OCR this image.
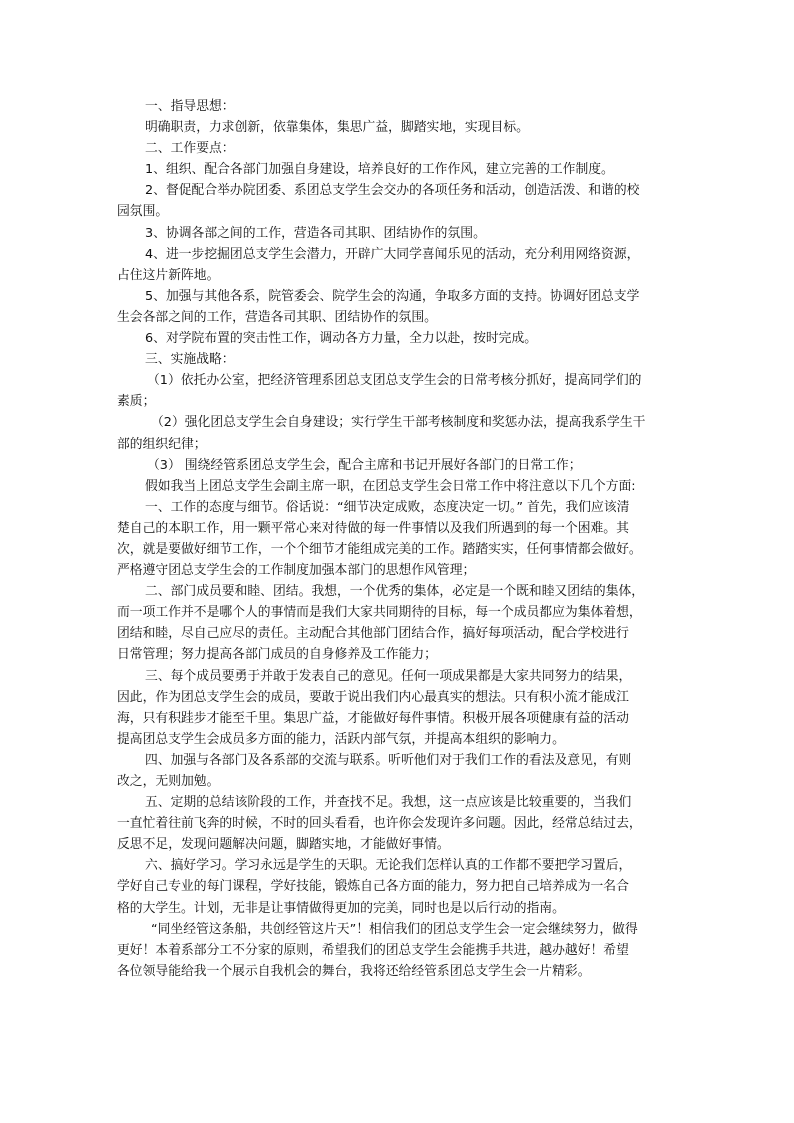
一、指导思想：

明确职责，力求创新，依靠集体，集思广益，脚踏实地，实现目标。

二、工作要点：

1、组织、配合各部门加强自身建设，培养良好的工作作风，建立完善的工作制度。

2、督促配合举办院团委、系团总支学生会交办的各项任务和活动，创造活泼、和谐的校

园氛围。

3、协调各部之间的工作，营造各司其职、团结协作的氛围。

4、进一步挖掘团总支学生会潜力，开辟广大同学喜闻乐见的活动，充分利用网络资源，

占住这片新阵地。

5、加强与其他各系，院管委会、院学生会的沟通，争取多方面的支持。协调好团总支学

生会各部之间的工作，营造各司其职、团结协作的氛围。

6、对学院布置的突击性工作，调动各方力量，全力以赴，按时完成。

三、实施战略：

（1）依托办公室，把经济管理系团总支团总支学生会的日常考核分抓好，提高同学们的

素质；

（2）强化团总支学生会自身建设；实行学生干部考核制度和奖惩办法，提高我系学生干

部的组织纪律；

（3） 围绕经管系团总支学生会，配合主席和书记开展好各部门的日常工作；

假如我当上团总支学生会副主席一职，在团总支学生会日常工作中将注意以下几个方面:

一、工作的态度与细节。俗话说：“细节决定成败，态度决定一切。” 首先，我们应该清

楚自己的本职工作，用一颗平常心来对待做的每一件事情以及我们所遇到的每一个困难。其

次，就是要做好细节工作，一个个细节才能组成完美的工作。踏踏实实，任何事情都会做好。

严格遵守团总支学生会的工作制度加强本部门的思想作风管理；

二、部门成员要和睦、团结。我想，一个优秀的集体，必定是一个既和睦又团结的集体，

而一项工作并不是哪个人的事情而是我们大家共同期待的目标，每一个成员都应为集体着想，

团结和睦，尽自己应尽的责任。主动配合其他部门团结合作，搞好每项活动，配合学校进行

日常管理；努力提高各部门成员的自身修养及工作能力；

三、每个成员要勇于并敢于发表自己的意见。任何一项成果都是大家共同努力的结果，

因此，作为团总支学生会的成员，要敢于说出我们内心最真实的想法。只有积小流才能成江

海，只有积跬步才能至千里。集思广益，才能做好每件事情。积极开展各项健康有益的活动

提高团总支学生会成员多方面的能力，活跃内部气氛，并提高本组织的影响力。

四、加强与各部门及各系部的交流与联系。听听他们对于我们工作的看法及意见，有则

改之，无则加勉。

五、定期的总结该阶段的工作，并查找不足。我想，这一点应该是比较重要的，当我们

一直忙着往前飞奔的时候，不时的回头看看，也许你会发现许多问题。因此，经常总结过去，

反思不足，发现问题解决问题，脚踏实地，才能做好事情。

六、搞好学习。学习永远是学生的天职。无论我们怎样认真的工作都不要把学习置后，

学好自己专业的每门课程，学好技能，锻炼自己各方面的能力，努力把自己培养成为一名合

格的大学生。计划，无非是让事情做得更加的完美，同时也是以后行动的指南。

“同坐经管这条船，共创经管这片天”！相信我们的团总支学生会一定会继续努力，做得

更好！本着系部分工不分家的原则，希望我们的团总支学生会能携手共进，越办越好！希望

各位领导能给我一个展示自我机会的舞台，我将还给经管系团总支学生会一片精彩。
